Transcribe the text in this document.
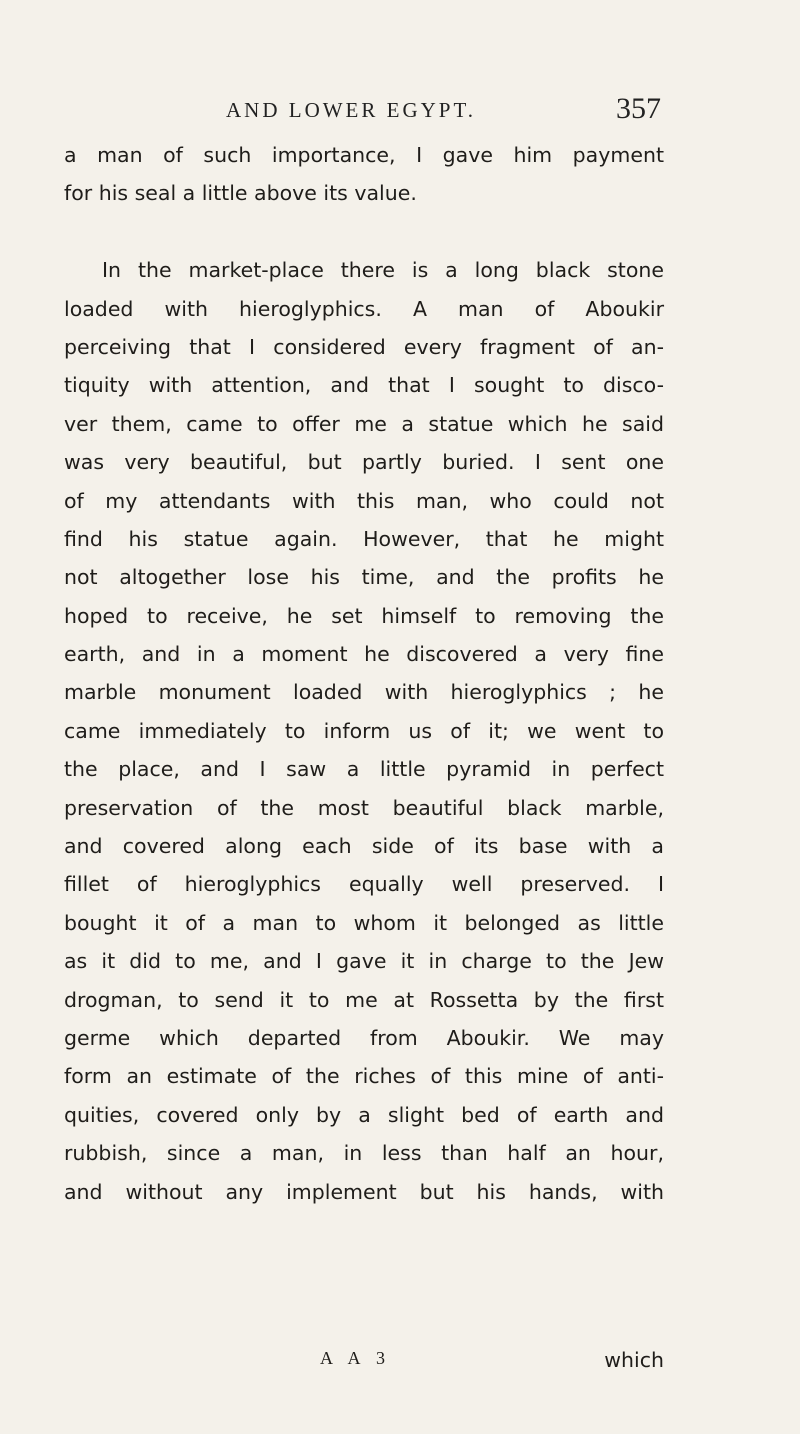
AND LOWER EGYPT.	357
a man of such importance, I gave him payment
for his seal a little above its value.
In the market-place there is a long black stone
loaded with hieroglyphics. A man of Aboukir
perceiving that I considered every fragment of an-
tiquity with attention, and that I sought to disco-
ver them, came to offer me a statue which he said
was very beautiful, but partly buried. I sent one
of my attendants with this man, who could not
find his statue again. However, that he might
not altogether lose his time, and the profits he
hoped to receive, he set himself to removing the
earth, and in a moment he discovered a very fine
marble monument loaded with hieroglyphics ; he
came immediately to inform us of it; we went to
the place, and I saw a little pyramid in perfect
preservation of the most beautiful black marble,
and covered along each side of its base with a
fillet of hieroglyphics equally well preserved. I
bought it of a man to whom it belonged as little
as it did to me, and I gave it in charge to the Jew
drogman, to send it to me at Rossetta by the first
germe which departed from Aboukir. We may
form an estimate of the riches of this mine of anti-
quities, covered only by a slight bed of earth and
rubbish, since a man, in less than half an hour,
and without any implement but his hands, with
A A 3	which
